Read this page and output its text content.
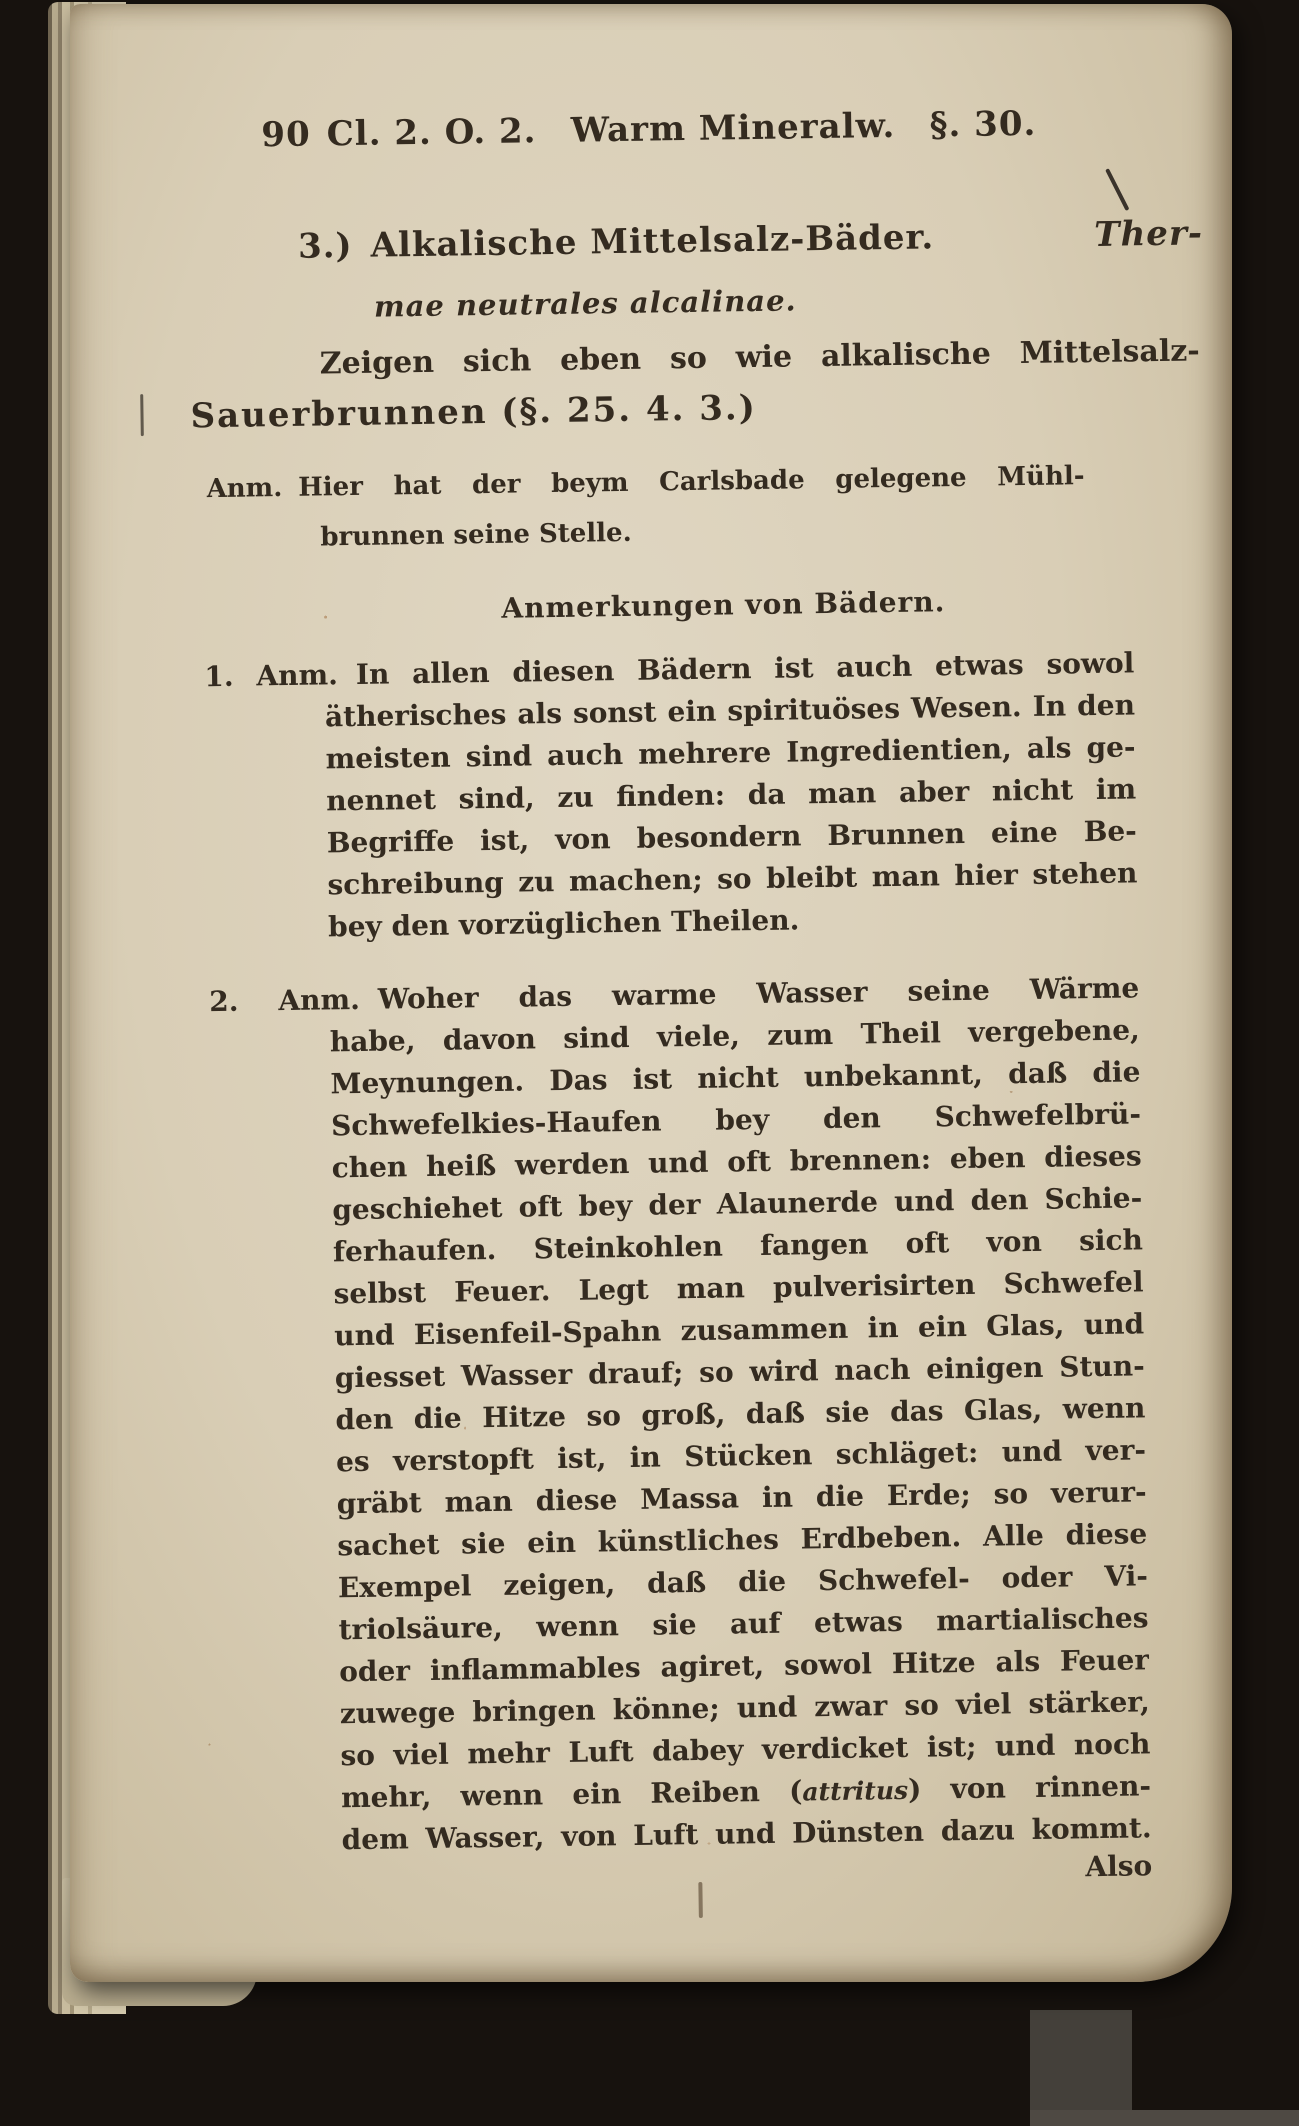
90 Cl. 2. O. 2. Warm Mineralw. §. 30.
3.) Alkalische Mittelsalz-Bäder.	Ther-
mae neutrales alcalinae.
Zeigen sich eben so wie alkalische Mittelsalz-
Sauerbrunnen (§. 25. 4. 3.)
Anm. Hier hat der beym Carlsbade gelegene Mühl-
brunnen seine Stelle.
Anmerkungen von Bädern.
1. Anm. In allen diesen Bädern ist auch etwas sowol
ätherisches als sonst ein spirituöses Wesen. In den
meisten sind auch mehrere Ingredientien, als ge-
nennet sind, zu finden: da man aber nicht im
Begriffe ist, von besondern Brunnen eine Be-
schreibung zu machen; so bleibt man hier stehen
bey den vorzüglichen Theilen.
2. Anm. Woher das warme Wasser seine Wärme
habe, davon sind viele, zum Theil vergebene,
Meynungen. Das ist nicht unbekannt, daß die
Schwefelkies-Haufen bey den Schwefelbrü-
chen heiß werden und oft brennen: eben dieses
geschiehet oft bey der Alaunerde und den Schie-
ferhaufen. Steinkohlen fangen oft von sich
selbst Feuer. Legt man pulverisirten Schwefel
und Eisenfeil-Spahn zusammen in ein Glas, und
giesset Wasser drauf; so wird nach einigen Stun-
den die Hitze so groß, daß sie das Glas, wenn
es verstopft ist, in Stücken schläget: und ver-
gräbt man diese Massa in die Erde; so verur-
sachet sie ein künstliches Erdbeben. Alle diese
Exempel zeigen, daß die Schwefel- oder Vi-
triolsäure, wenn sie auf etwas martialisches
oder inflammables agiret, sowol Hitze als Feuer
zuwege bringen könne; und zwar so viel stärker,
so viel mehr Luft dabey verdicket ist; und noch
mehr, wenn ein Reiben (attritus) von rinnen-
dem Wasser, von Luft und Dünsten dazu kommt.
Also
